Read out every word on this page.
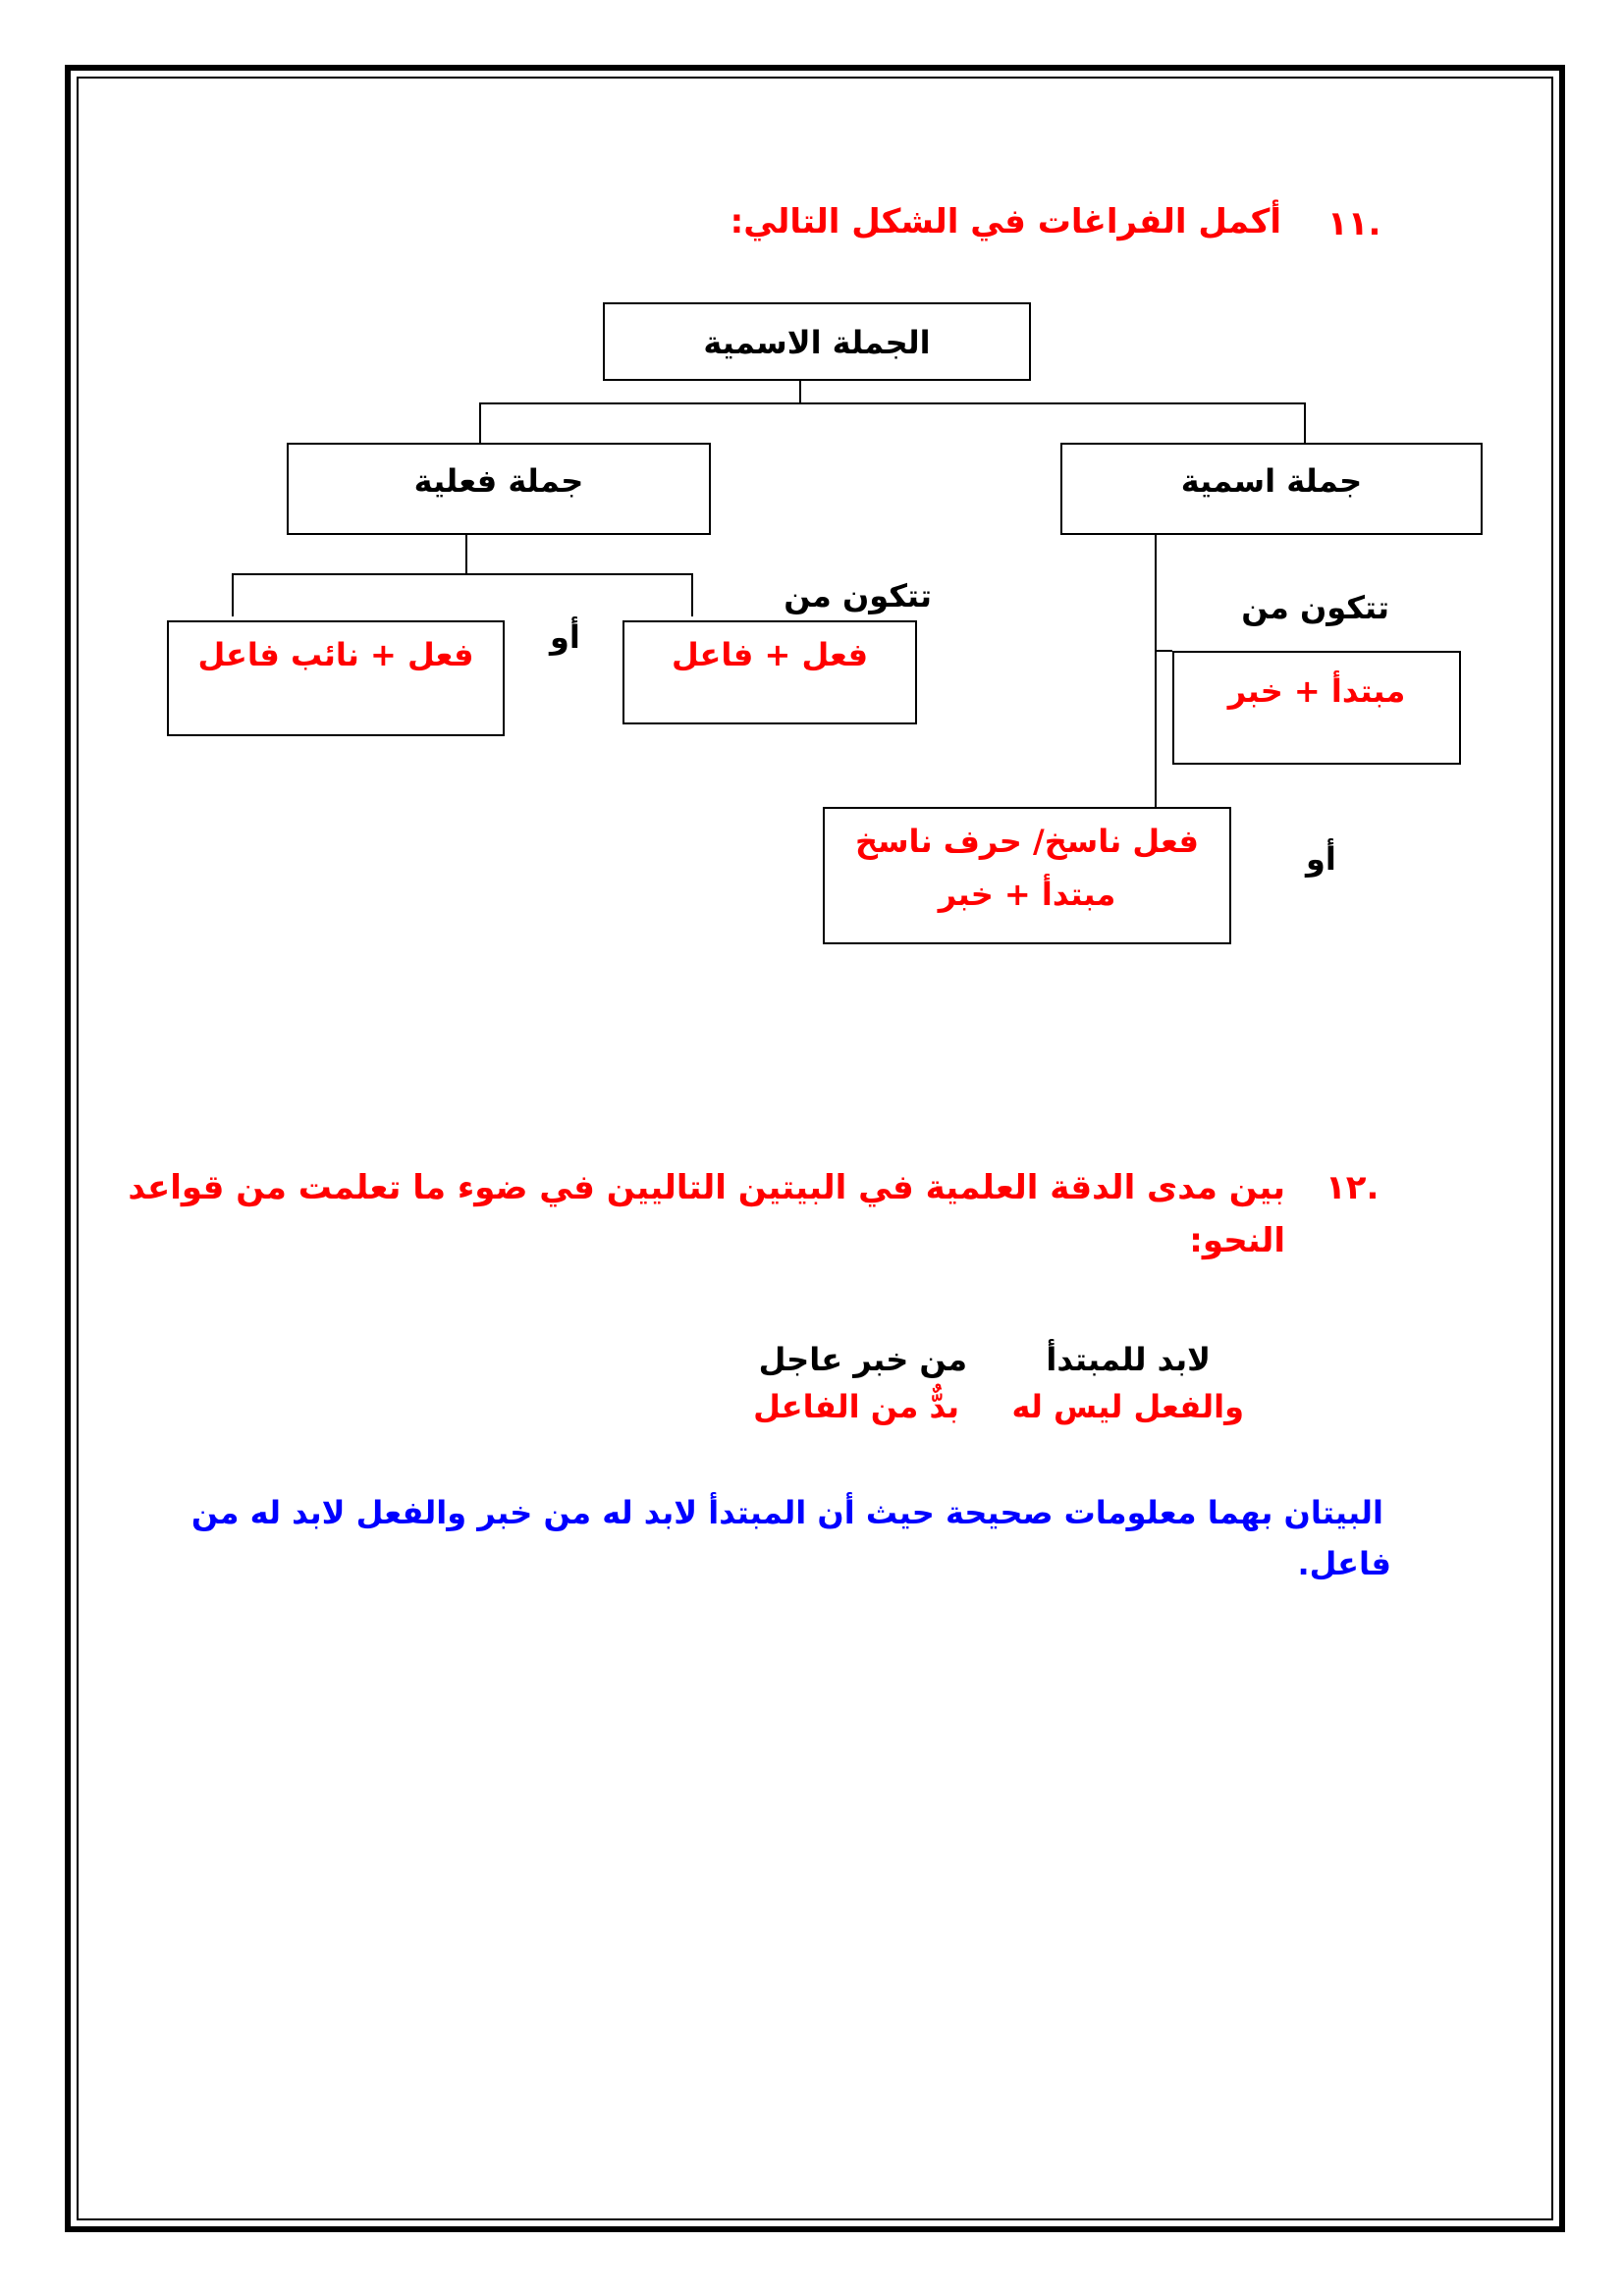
.١١
أكمل الفراغات في الشكل التالي:
الجملة الاسمية
جملة فعلية	جملة اسمية
فعل + نائب فاعل	أو	فعل + فاعل
تتكون من	تتكون من
مبتدأ + خبر
فعل ناسخ/ حرف ناسخ
مبتدأ + خبر
أو
.١٢
بين مدى الدقة العلمية في البيتين التاليين في ضوء ما تعلمت من قواعد
النحو:
لابد للمبتدأ
من خبر عاجل
والفعل ليس له
بدٌّ من الفاعل
البيتان بهما معلومات صحيحة حيث أن المبتدأ لابد له من خبر والفعل لابد له من
فاعل.
